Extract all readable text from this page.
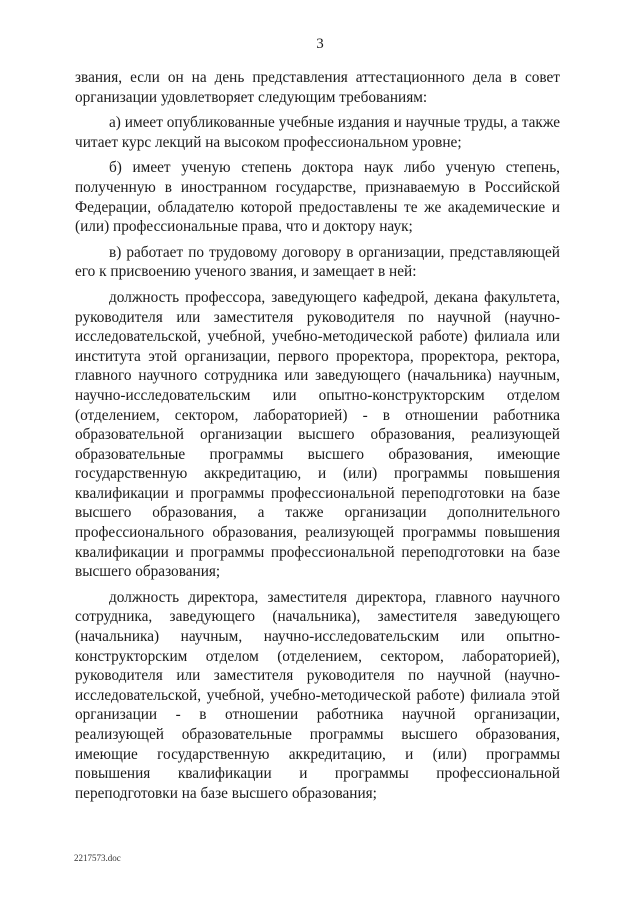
3

звания, если он на день представления аттестационного дела в совет организации удовлетворяет следующим требованиям:

а) имеет опубликованные учебные издания и научные труды, а также читает курс лекций на высоком профессиональном уровне;

б) имеет ученую степень доктора наук либо ученую степень, полученную в иностранном государстве, признаваемую в Российской Федерации, обладателю которой предоставлены те же академические и (или) профессиональные права, что и доктору наук;

в) работает по трудовому договору в организации, представляющей его к присвоению ученого звания, и замещает в ней:

должность профессора, заведующего кафедрой, декана факультета, руководителя или заместителя руководителя по научной (научно-исследовательской, учебной, учебно-методической работе) филиала или института этой организации, первого проректора, проректора, ректора, главного научного сотрудника или заведующего (начальника) научным, научно-исследовательским или опытно-конструкторским отделом (отделением, сектором, лабораторией) - в отношении работника образовательной организации высшего образования, реализующей образовательные программы высшего образования, имеющие государственную аккредитацию, и (или) программы повышения квалификации и программы профессиональной переподготовки на базе высшего образования, а также организации дополнительного профессионального образования, реализующей программы повышения квалификации и программы профессиональной переподготовки на базе высшего образования;

должность директора, заместителя директора, главного научного сотрудника, заведующего (начальника), заместителя заведующего (начальника) научным, научно-исследовательским или опытно-конструкторским отделом (отделением, сектором, лабораторией), руководителя или заместителя руководителя по научной (научно-исследовательской, учебной, учебно-методической работе) филиала этой организации - в отношении работника научной организации, реализующей образовательные программы высшего образования, имеющие государственную аккредитацию, и (или) программы повышения квалификации и программы профессиональной переподготовки на базе высшего образования;

2217573.doc
